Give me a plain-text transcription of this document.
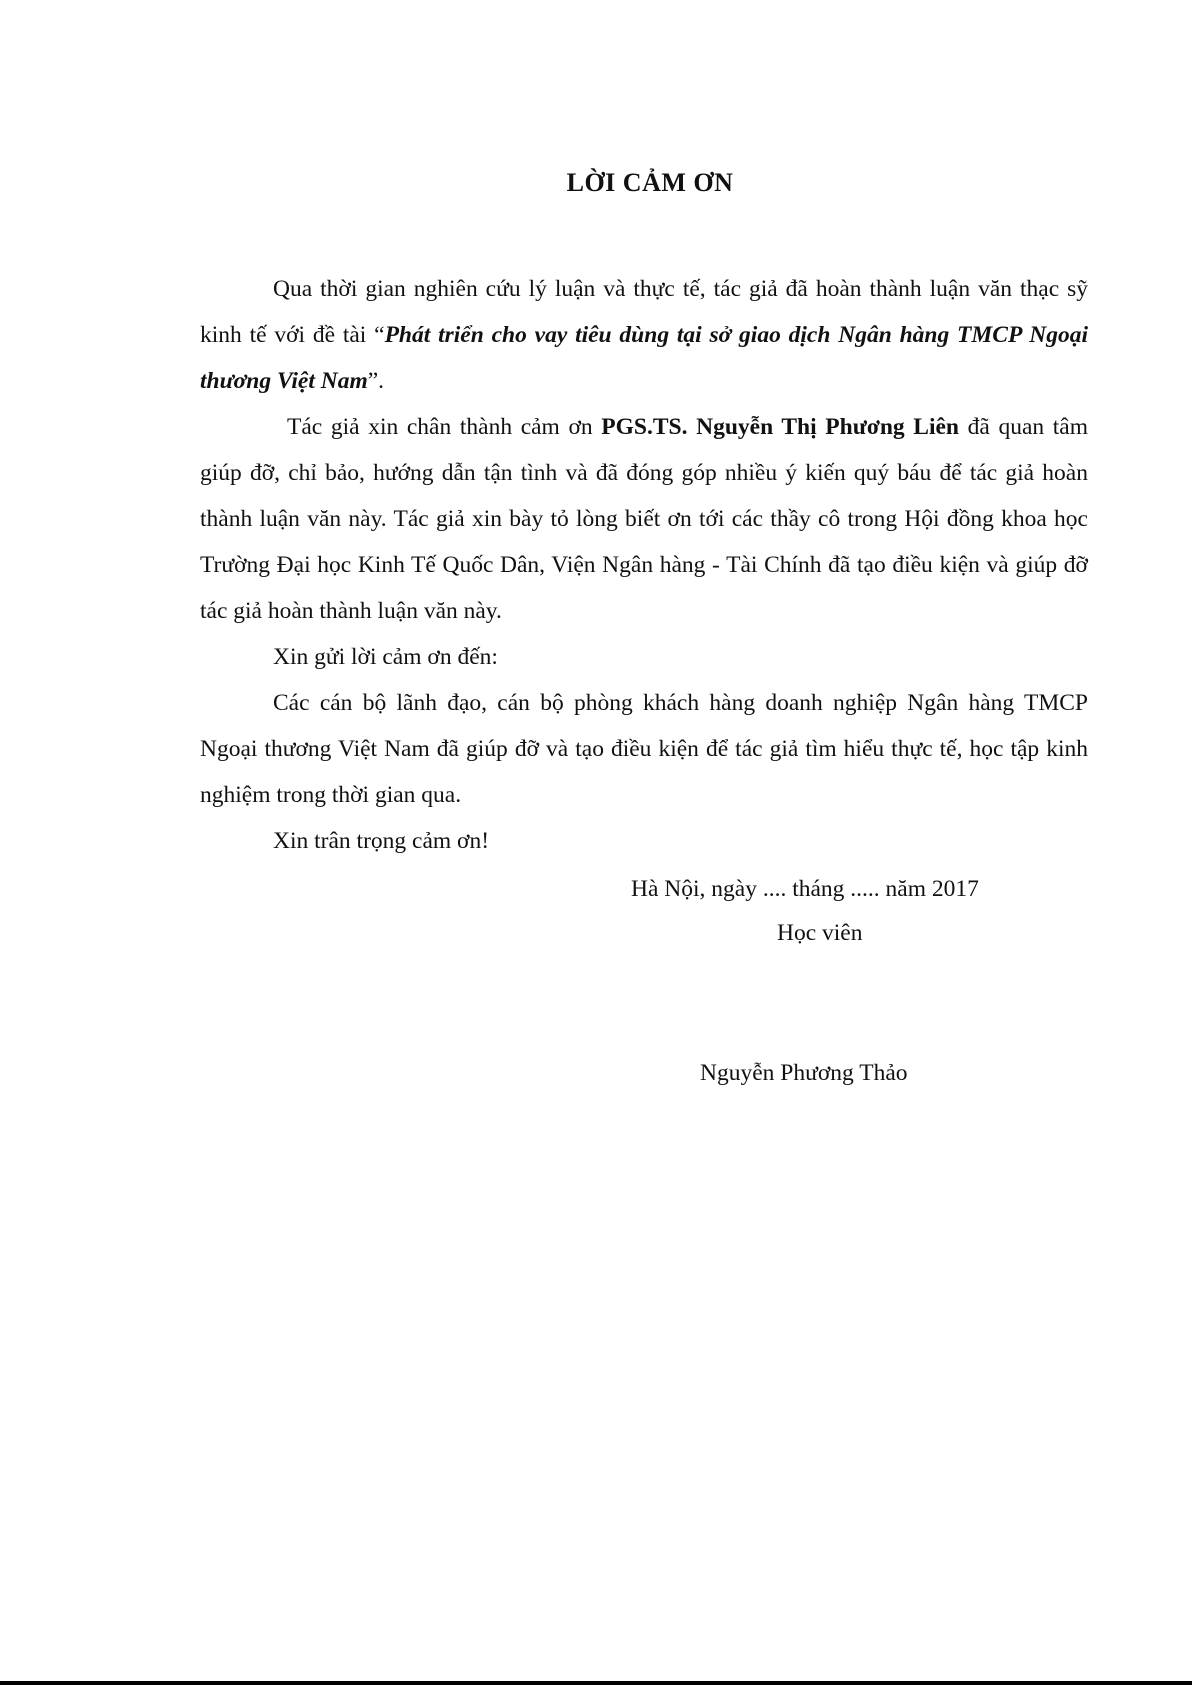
LỜI CẢM ƠN

Qua thời gian nghiên cứu lý luận và thực tế, tác giả đã hoàn thành luận văn thạc sỹ kinh tế với đề tài “Phát triển cho vay tiêu dùng tại sở giao dịch Ngân hàng TMCP Ngoại thương Việt Nam”.

Tác giả xin chân thành cảm ơn PGS.TS. Nguyễn Thị Phương Liên đã quan tâm giúp đỡ, chỉ bảo, hướng dẫn tận tình và đã đóng góp nhiều ý kiến quý báu để tác giả hoàn thành luận văn này. Tác giả xin bày tỏ lòng biết ơn tới các thầy cô trong Hội đồng khoa học Trường Đại học Kinh Tế Quốc Dân, Viện Ngân hàng - Tài Chính đã tạo điều kiện và giúp đỡ tác giả hoàn thành luận văn này.

Xin gửi lời cảm ơn đến:

Các cán bộ lãnh đạo, cán bộ phòng khách hàng doanh nghiệp Ngân hàng TMCP Ngoại thương Việt Nam đã giúp đỡ và tạo điều kiện để tác giả tìm hiểu thực tế, học tập kinh nghiệm trong thời gian qua.

Xin trân trọng cảm ơn!

Hà Nội, ngày .... tháng ..... năm 2017
Học viên
Nguyễn Phương Thảo
